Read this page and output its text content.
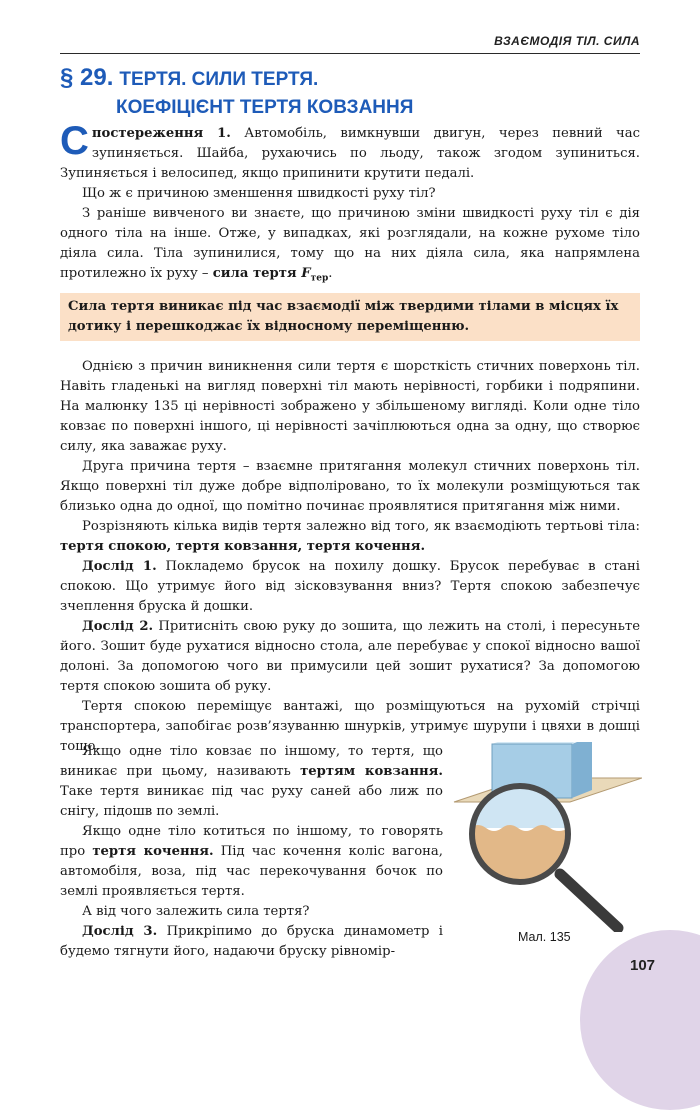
ВЗАЄМОДІЯ ТІЛ. СИЛА
§ 29. ТЕРТЯ. СИЛИ ТЕРТЯ.
КОЕФІЦІЄНТ ТЕРТЯ КОВЗАННЯ

Спостереження 1. Автомобіль, вимкнувши двигун, через певний час зупиняється. Шайба, рухаючись по льоду, також згодом зупиниться. Зупиняється і велосипед, якщо припинити крутити педалі.

Що ж є причиною зменшення швидкості руху тіл?

З раніше вивченого ви знаєте, що причиною зміни швидкості руху тіл є дія одного тіла на інше. Отже, у випадках, які розглядали, на кожне рухоме тіло діяла сила. Тіла зупинилися, тому що на них діяла сила, яка напрямлена протилежно їх руху – сила тертя $F_{тер}$.

Сила тертя виникає під час взаємодії між твердими тілами в місцях їх дотику і перешкоджає їх відносному переміщенню.

Однією з причин виникнення сили тертя є шорсткість стичних поверхонь тіл. Навіть гладенькі на вигляд поверхні тіл мають нерівності, горбики і подряпини. На малюнку 135 ці нерівності зображено у збільшеному вигляді. Коли одне тіло ковзає по поверхні іншого, ці нерівності зачіплюються одна за одну, що створює силу, яка заважає руху.

Друга причина тертя – взаємне притягання молекул стичних поверхонь тіл. Якщо поверхні тіл дуже добре відполіровано, то їх молекули розміщуються так близько одна до одної, що помітно починає проявлятися притягання між ними.

Розрізняють кілька видів тертя залежно від того, як взаємодіють тертьові тіла: тертя спокою, тертя ковзання, тертя кочення.

Дослід 1. Покладемо брусок на похилу дошку. Брусок перебуває в стані спокою. Що утримує його від зісковзування вниз? Тертя спокою забезпечує зчеплення бруска й дошки.

Дослід 2. Притисніть свою руку до зошита, що лежить на столі, і пересуньте його. Зошит буде рухатися відносно стола, але перебуває у спокої відносно вашої долоні. За допомогою чого ви примусили цей зошит рухатися? За допомогою тертя спокою зошита об руку.

Тертя спокою переміщує вантажі, що розміщуються на рухомій стрічці транспортера, запобігає розв’язуванню шнурків, утримує шурупи і цвяхи в дошці тощо.

Якщо одне тіло ковзає по іншому, то тертя, що виникає при цьому, називають тертям ковзання. Таке тертя виникає під час руху саней або лиж по снігу, підошв по землі.

Якщо одне тіло котиться по іншому, то говорять про тертя кочення. Під час кочення коліс вагона, автомобіля, воза, під час перекочування бочок по землі проявляється тертя.

А від чого залежить сила тертя?

Дослід 3. Прикріпимо до бруска динамометр і будемо тягнути його, надаючи бруску рівномір-

Мал. 135
107
